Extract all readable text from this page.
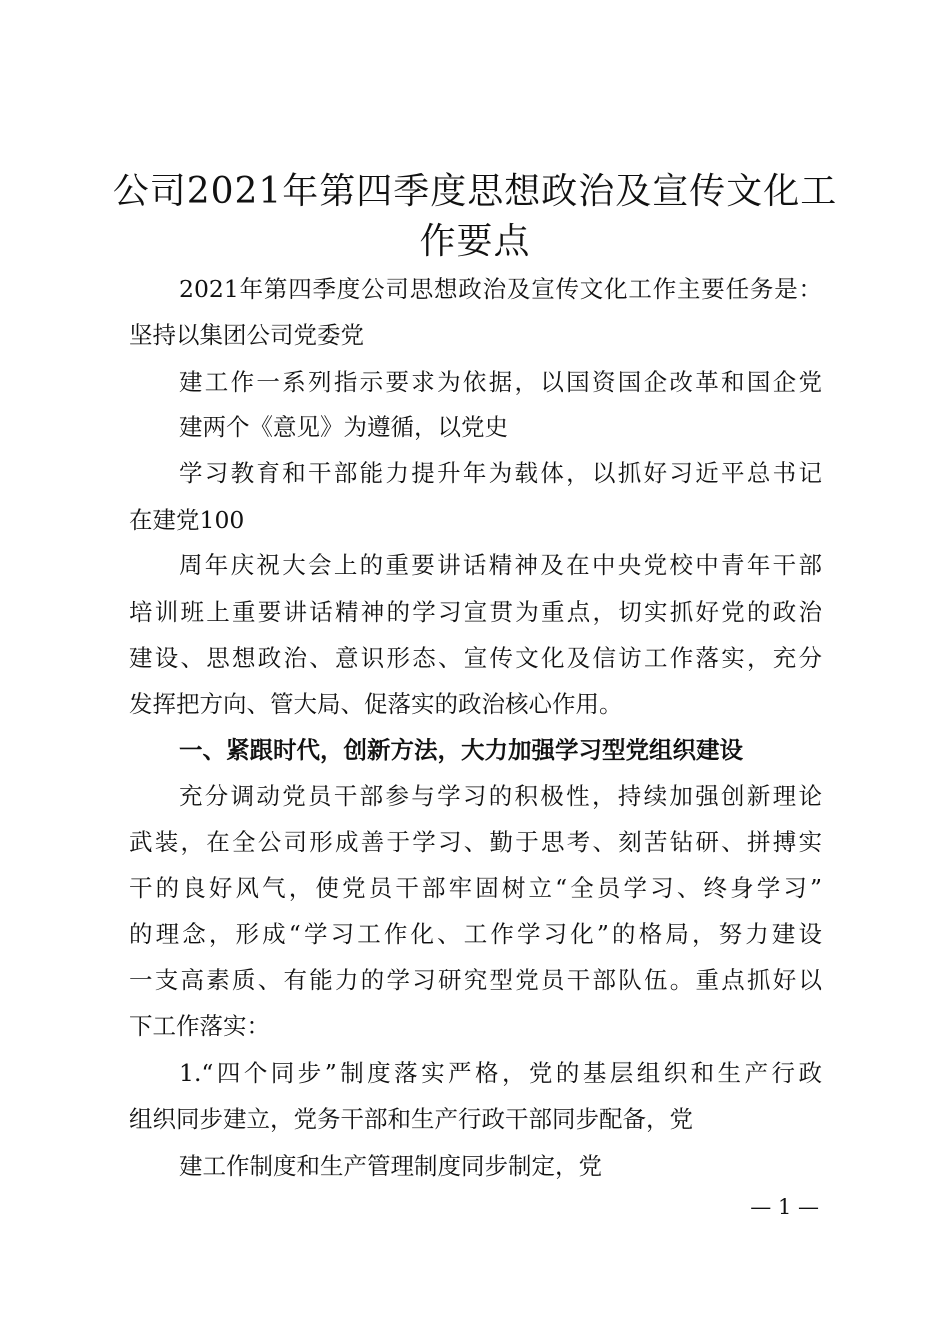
公司2021年第四季度思想政治及宣传文化工
作要点
2021年第四季度公司思想政治及宣传文化工作主要任务是：
坚持以集团公司党委党
建工作一系列指示要求为依据，以国资国企改革和国企党
建两个《意见》为遵循，以党史
学习教育和干部能力提升年为载体，以抓好习近平总书记
在建党100
周年庆祝大会上的重要讲话精神及在中央党校中青年干部
培训班上重要讲话精神的学习宣贯为重点，切实抓好党的政治
建设、思想政治、意识形态、宣传文化及信访工作落实，充分
发挥把方向、管大局、促落实的政治核心作用。
一、紧跟时代，创新方法，大力加强学习型党组织建设
充分调动党员干部参与学习的积极性，持续加强创新理论
武装，在全公司形成善于学习、勤于思考、刻苦钻研、拼搏实
干的良好风气，使党员干部牢固树立“全员学习、终身学习”
的理念，形成“学习工作化、工作学习化”的格局，努力建设
一支高素质、有能力的学习研究型党员干部队伍。重点抓好以
下工作落实：
1.“四个同步”制度落实严格，党的基层组织和生产行政
组织同步建立，党务干部和生产行政干部同步配备，党
建工作制度和生产管理制度同步制定，党
— 1 —
